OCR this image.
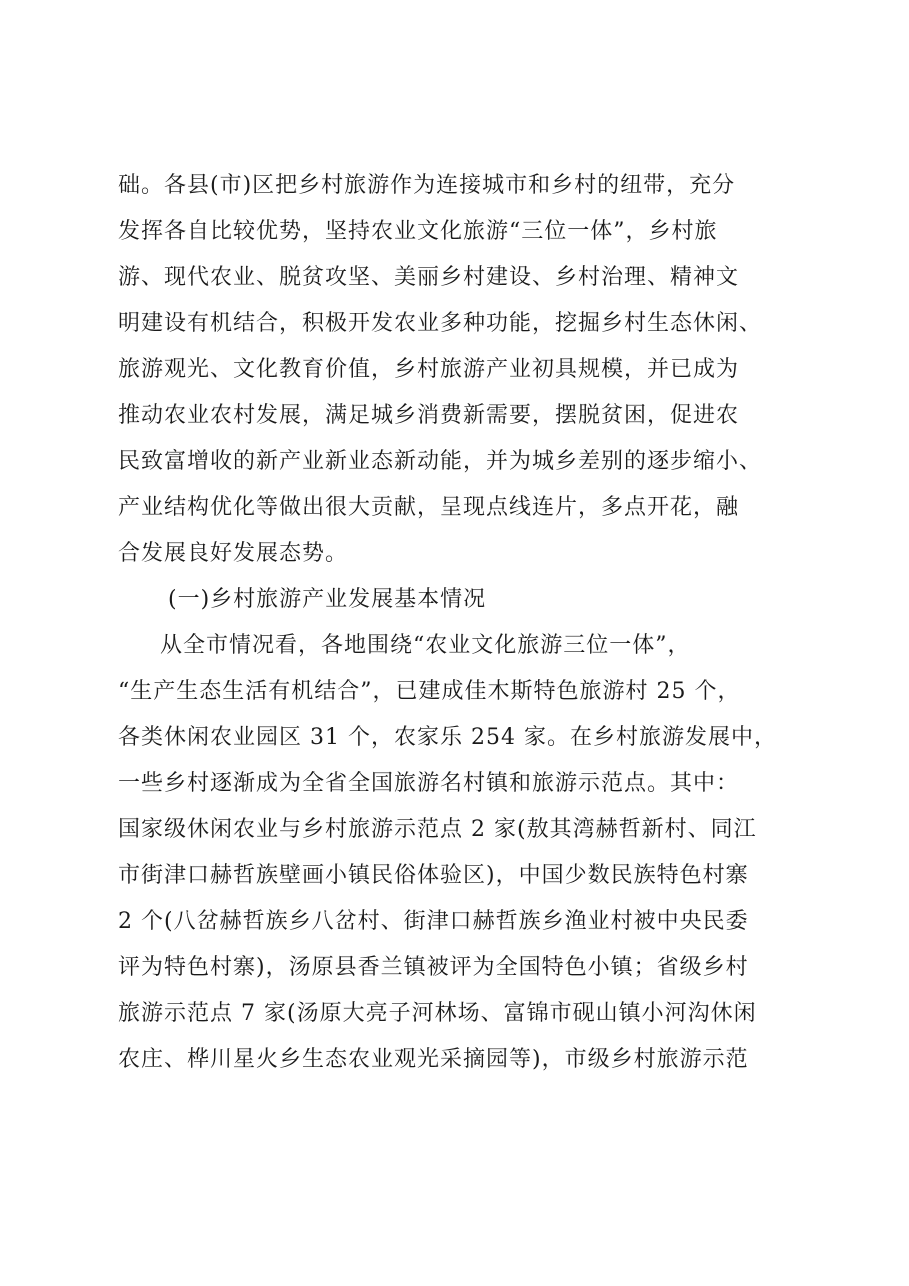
础。各县(市)区把乡村旅游作为连接城市和乡村的纽带，充分
发挥各自比较优势，坚持农业文化旅游“三位一体”，乡村旅
游、现代农业、脱贫攻坚、美丽乡村建设、乡村治理、精神文
明建设有机结合，积极开发农业多种功能，挖掘乡村生态休闲、
旅游观光、文化教育价值，乡村旅游产业初具规模，并已成为
推动农业农村发展，满足城乡消费新需要，摆脱贫困，促进农
民致富增收的新产业新业态新动能，并为城乡差别的逐步缩小、
产业结构优化等做出很大贡献，呈现点线连片，多点开花，融
合发展良好发展态势。
(一)乡村旅游产业发展基本情况
从全市情况看，各地围绕“农业文化旅游三位一体”，
“生产生态生活有机结合”，已建成佳木斯特色旅游村 25 个，
各类休闲农业园区 31 个，农家乐 254 家。在乡村旅游发展中，
一些乡村逐渐成为全省全国旅游名村镇和旅游示范点。其中：
国家级休闲农业与乡村旅游示范点 2 家(敖其湾赫哲新村、同江
市街津口赫哲族壁画小镇民俗体验区)，中国少数民族特色村寨
2 个(八岔赫哲族乡八岔村、街津口赫哲族乡渔业村被中央民委
评为特色村寨)，汤原县香兰镇被评为全国特色小镇；省级乡村
旅游示范点 7 家(汤原大亮子河林场、富锦市砚山镇小河沟休闲
农庄、桦川星火乡生态农业观光采摘园等)，市级乡村旅游示范
